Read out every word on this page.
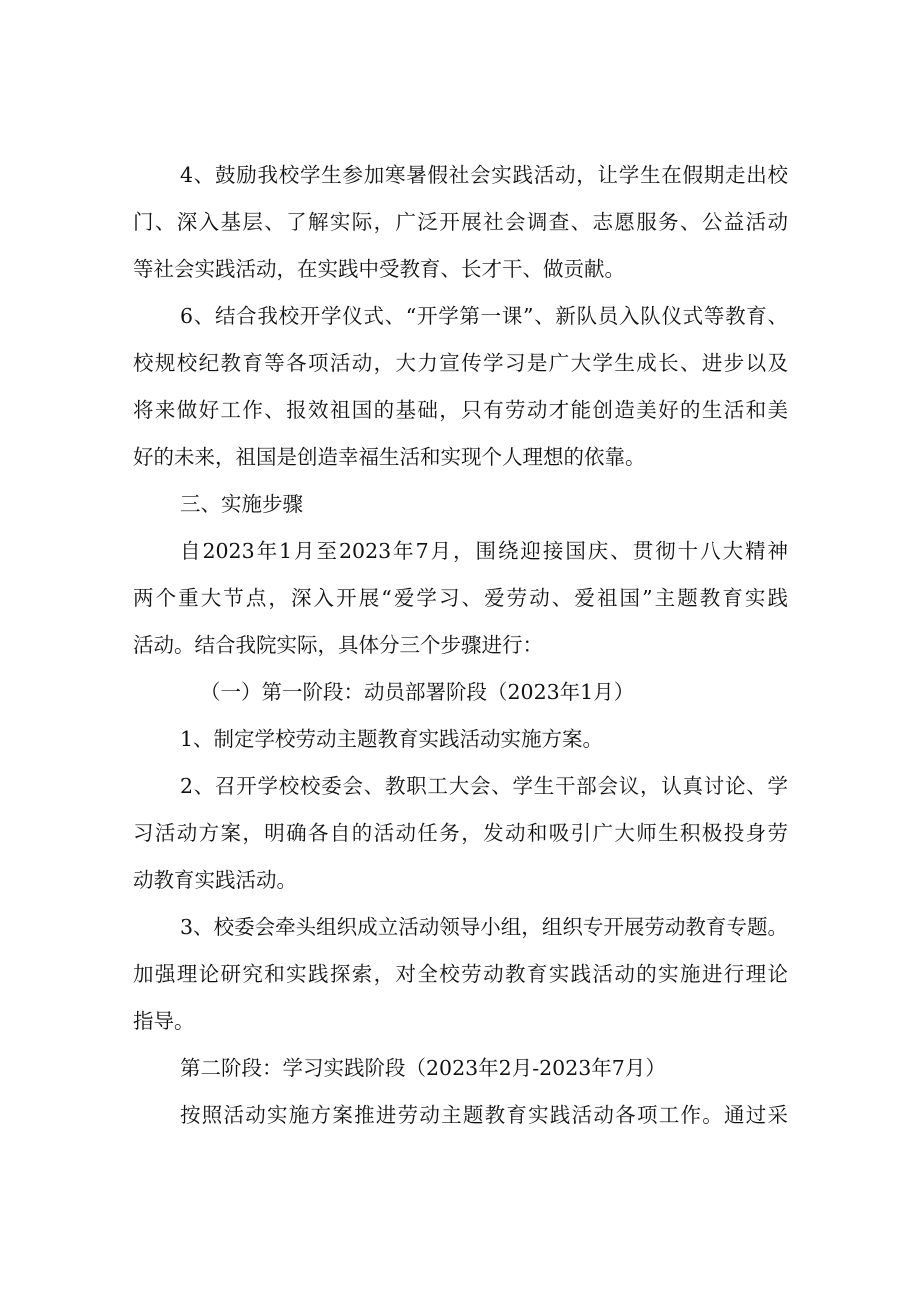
4、鼓励我校学生参加寒暑假社会实践活动，让学生在假期走出校
门、深入基层、了解实际，广泛开展社会调查、志愿服务、公益活动
等社会实践活动，在实践中受教育、长才干、做贡献。
6、结合我校开学仪式、“开学第一课”、新队员入队仪式等教育、
校规校纪教育等各项活动，大力宣传学习是广大学生成长、进步以及
将来做好工作、报效祖国的基础，只有劳动才能创造美好的生活和美
好的未来，祖国是创造幸福生活和实现个人理想的依靠。
三、实施步骤
自2023年1月至2023年7月，围绕迎接国庆、贯彻十八大精神
两个重大节点，深入开展“爱学习、爱劳动、爱祖国”主题教育实践
活动。结合我院实际，具体分三个步骤进行：
（一）第一阶段：动员部署阶段（2023年1月）
1、制定学校劳动主题教育实践活动实施方案。
2、召开学校校委会、教职工大会、学生干部会议，认真讨论、学
习活动方案，明确各自的活动任务，发动和吸引广大师生积极投身劳
动教育实践活动。
3、校委会牵头组织成立活动领导小组，组织专开展劳动教育专题。
加强理论研究和实践探索，对全校劳动教育实践活动的实施进行理论
指导。
第二阶段：学习实践阶段（2023年2月-2023年7月）
按照活动实施方案推进劳动主题教育实践活动各项工作。通过采
